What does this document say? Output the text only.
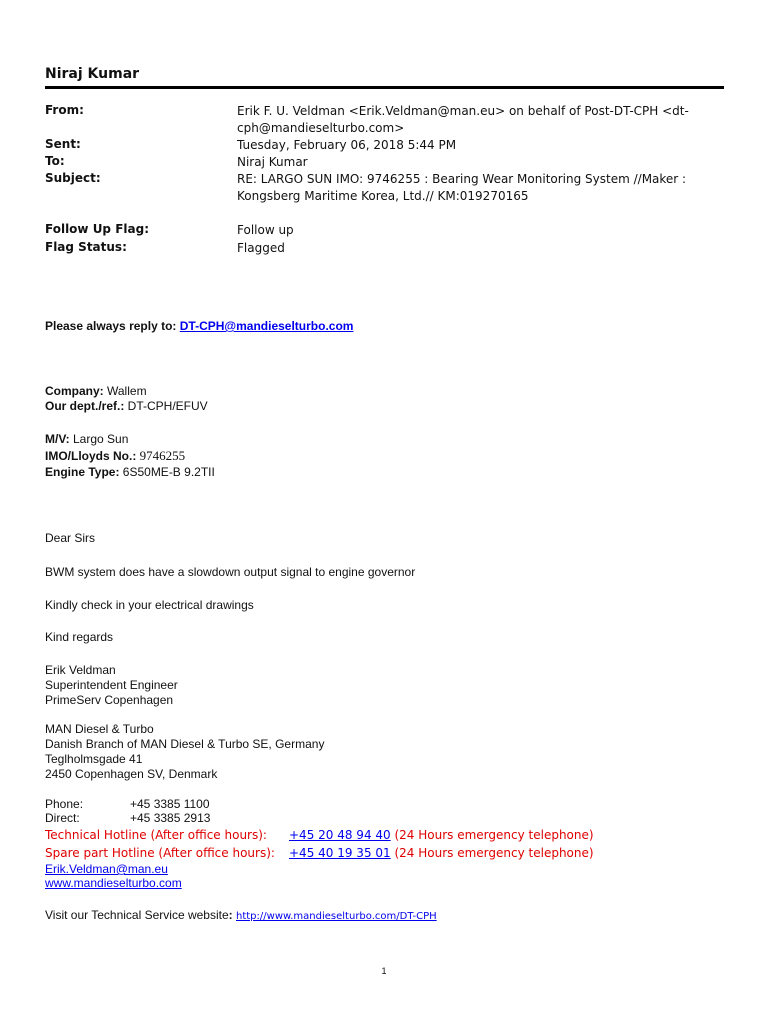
Niraj Kumar
From:	Erik F. U. Veldman <Erik.Veldman@man.eu> on behalf of Post-DT-CPH <dt-cph@mandieselturbo.com>
Sent:	Tuesday, February 06, 2018 5:44 PM
To:	Niraj Kumar
Subject:	RE: LARGO SUN IMO: 9746255 : Bearing Wear Monitoring System //Maker : Kongsberg Maritime Korea, Ltd.// KM:019270165
Follow Up Flag:	Follow up
Flag Status:	Flagged
Please always reply to: DT-CPH@mandieselturbo.com
Company: Wallem
Our dept./ref.: DT-CPH/EFUV
M/V: Largo Sun
IMO/Lloyds No.: 9746255
Engine Type: 6S50ME-B 9.2TII
Dear Sirs
BWM system does have a slowdown output signal to engine governor
Kindly check in your electrical drawings
Kind regards
Erik Veldman
Superintendent Engineer
PrimeServ Copenhagen
MAN Diesel & Turbo
Danish Branch of MAN Diesel & Turbo SE, Germany
Teglholmsgade 41
2450 Copenhagen SV, Denmark
Phone:	+45 3385 1100
Direct:	+45 3385 2913
Technical Hotline (After office hours): +45 20 48 94 40 (24 Hours emergency telephone)
Spare part Hotline (After office hours): +45 40 19 35 01 (24 Hours emergency telephone)
Erik.Veldman@man.eu
www.mandieselturbo.com
Visit our Technical Service website: http://www.mandieselturbo.com/DT-CPH
1
